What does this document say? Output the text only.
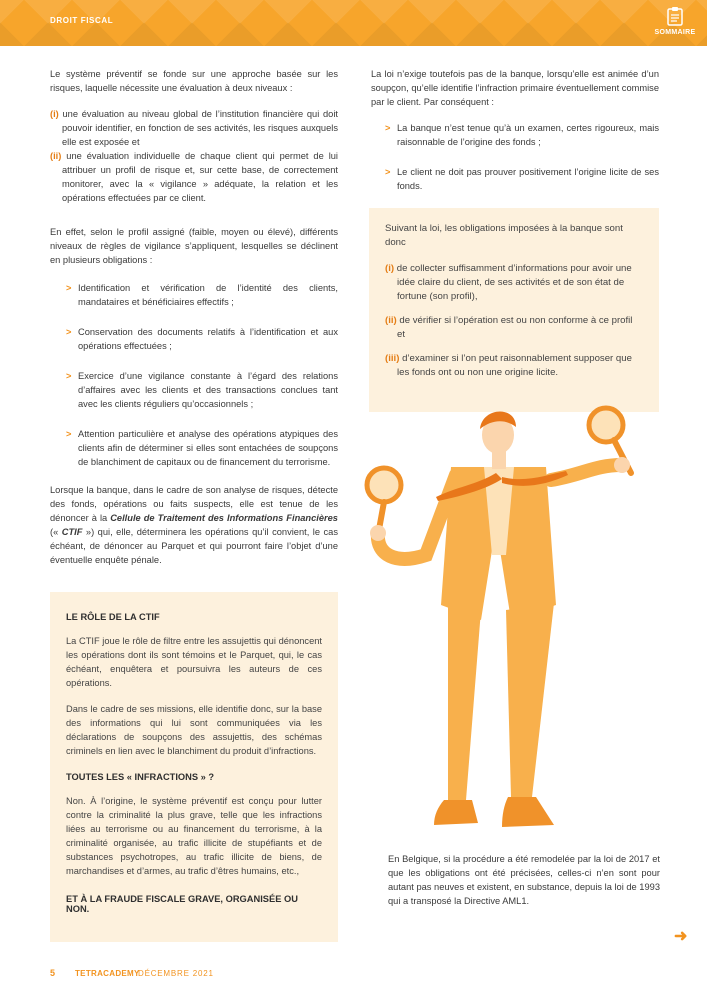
DROIT FISCAL
SOMMAIRE

Le système préventif se fonde sur une approche basée sur les risques, laquelle nécessite une évaluation à deux niveaux :

(i) une évaluation au niveau global de l’institution financière qui doit pouvoir identifier, en fonction de ses activités, les risques auxquels elle est exposée et
(ii) une évaluation individuelle de chaque client qui permet de lui attribuer un profil de risque et, sur cette base, de correctement monitorer, avec la « vigilance » adéquate, la relation et les opérations effectuées par ce client.

En effet, selon le profil assigné (faible, moyen ou élevé), différents niveaux de règles de vigilance s’appliquent, lesquelles se déclinent en plusieurs obligations :

> Identification et vérification de l’identité des clients, mandataires et bénéficiaires effectifs ;
> Conservation des documents relatifs à l’identification et aux opérations effectuées ;
> Exercice d’une vigilance constante à l’égard des relations d’affaires avec les clients et des transactions conclues tant avec les clients réguliers qu’occasionnels ;
> Attention particulière et analyse des opérations atypiques des clients afin de déterminer si elles sont entachées de soupçons de blanchiment de capitaux ou de financement du terrorisme.

Lorsque la banque, dans le cadre de son analyse de risques, détecte des fonds, opérations ou faits suspects, elle est tenue de les dénoncer à la Cellule de Traitement des Informations Financières (« CTIF ») qui, elle, déterminera les opérations qu’il convient, le cas échéant, de dénoncer au Parquet et qui pourront faire l’objet d’une éventuelle enquête pénale.

La loi n’exige toutefois pas de la banque, lorsqu’elle est animée d’un soupçon, qu’elle identifie l’infraction primaire éventuellement commise par le client. Par conséquent :

> La banque n’est tenue qu’à un examen, certes rigoureux, mais raisonnable de l’origine des fonds ;
> Le client ne doit pas prouver positivement l’origine licite de ses fonds.

Suivant la loi, les obligations imposées à la banque sont donc

(i) de collecter suffisamment d’informations pour avoir une idée claire du client, de ses activités et de son état de fortune (son profil),
(ii) de vérifier si l’opération est ou non conforme à ce profil et
(iii) d’examiner si l’on peut raisonnablement supposer que les fonds ont ou non une origine licite.
LE RÔLE DE LA CTIF

La CTIF joue le rôle de filtre entre les assujettis qui dénoncent les opérations dont ils sont témoins et le Parquet, qui, le cas échéant, enquêtera et poursuivra les auteurs de ces opérations.

Dans le cadre de ses missions, elle identifie donc, sur la base des informations qui lui sont communiquées via les déclarations de soupçons des assujettis, des schémas criminels en lien avec le blanchiment du produit d’infractions.

TOUTES LES « INFRACTIONS » ?

Non. À l’origine, le système préventif est conçu pour lutter contre la criminalité la plus grave, telle que les infractions liées au terrorisme ou au financement du terrorisme, à la criminalité organisée, au trafic illicite de stupéfiants et de substances psychotropes, au trafic illicite de biens, de marchandises et d’armes, au trafic d’êtres humains, etc.,

ET À LA FRAUDE FISCALE GRAVE, ORGANISÉE OU NON.

En Belgique, si la procédure a été remodelée par la loi de 2017 et que les obligations ont été précisées, celles-ci n’en sont pour autant pas neuves et existent, en substance, depuis la loi de 1993 qui a transposé la Directive AML1.

➜
5 TETRACADEMY
DÉCEMBRE 2021
